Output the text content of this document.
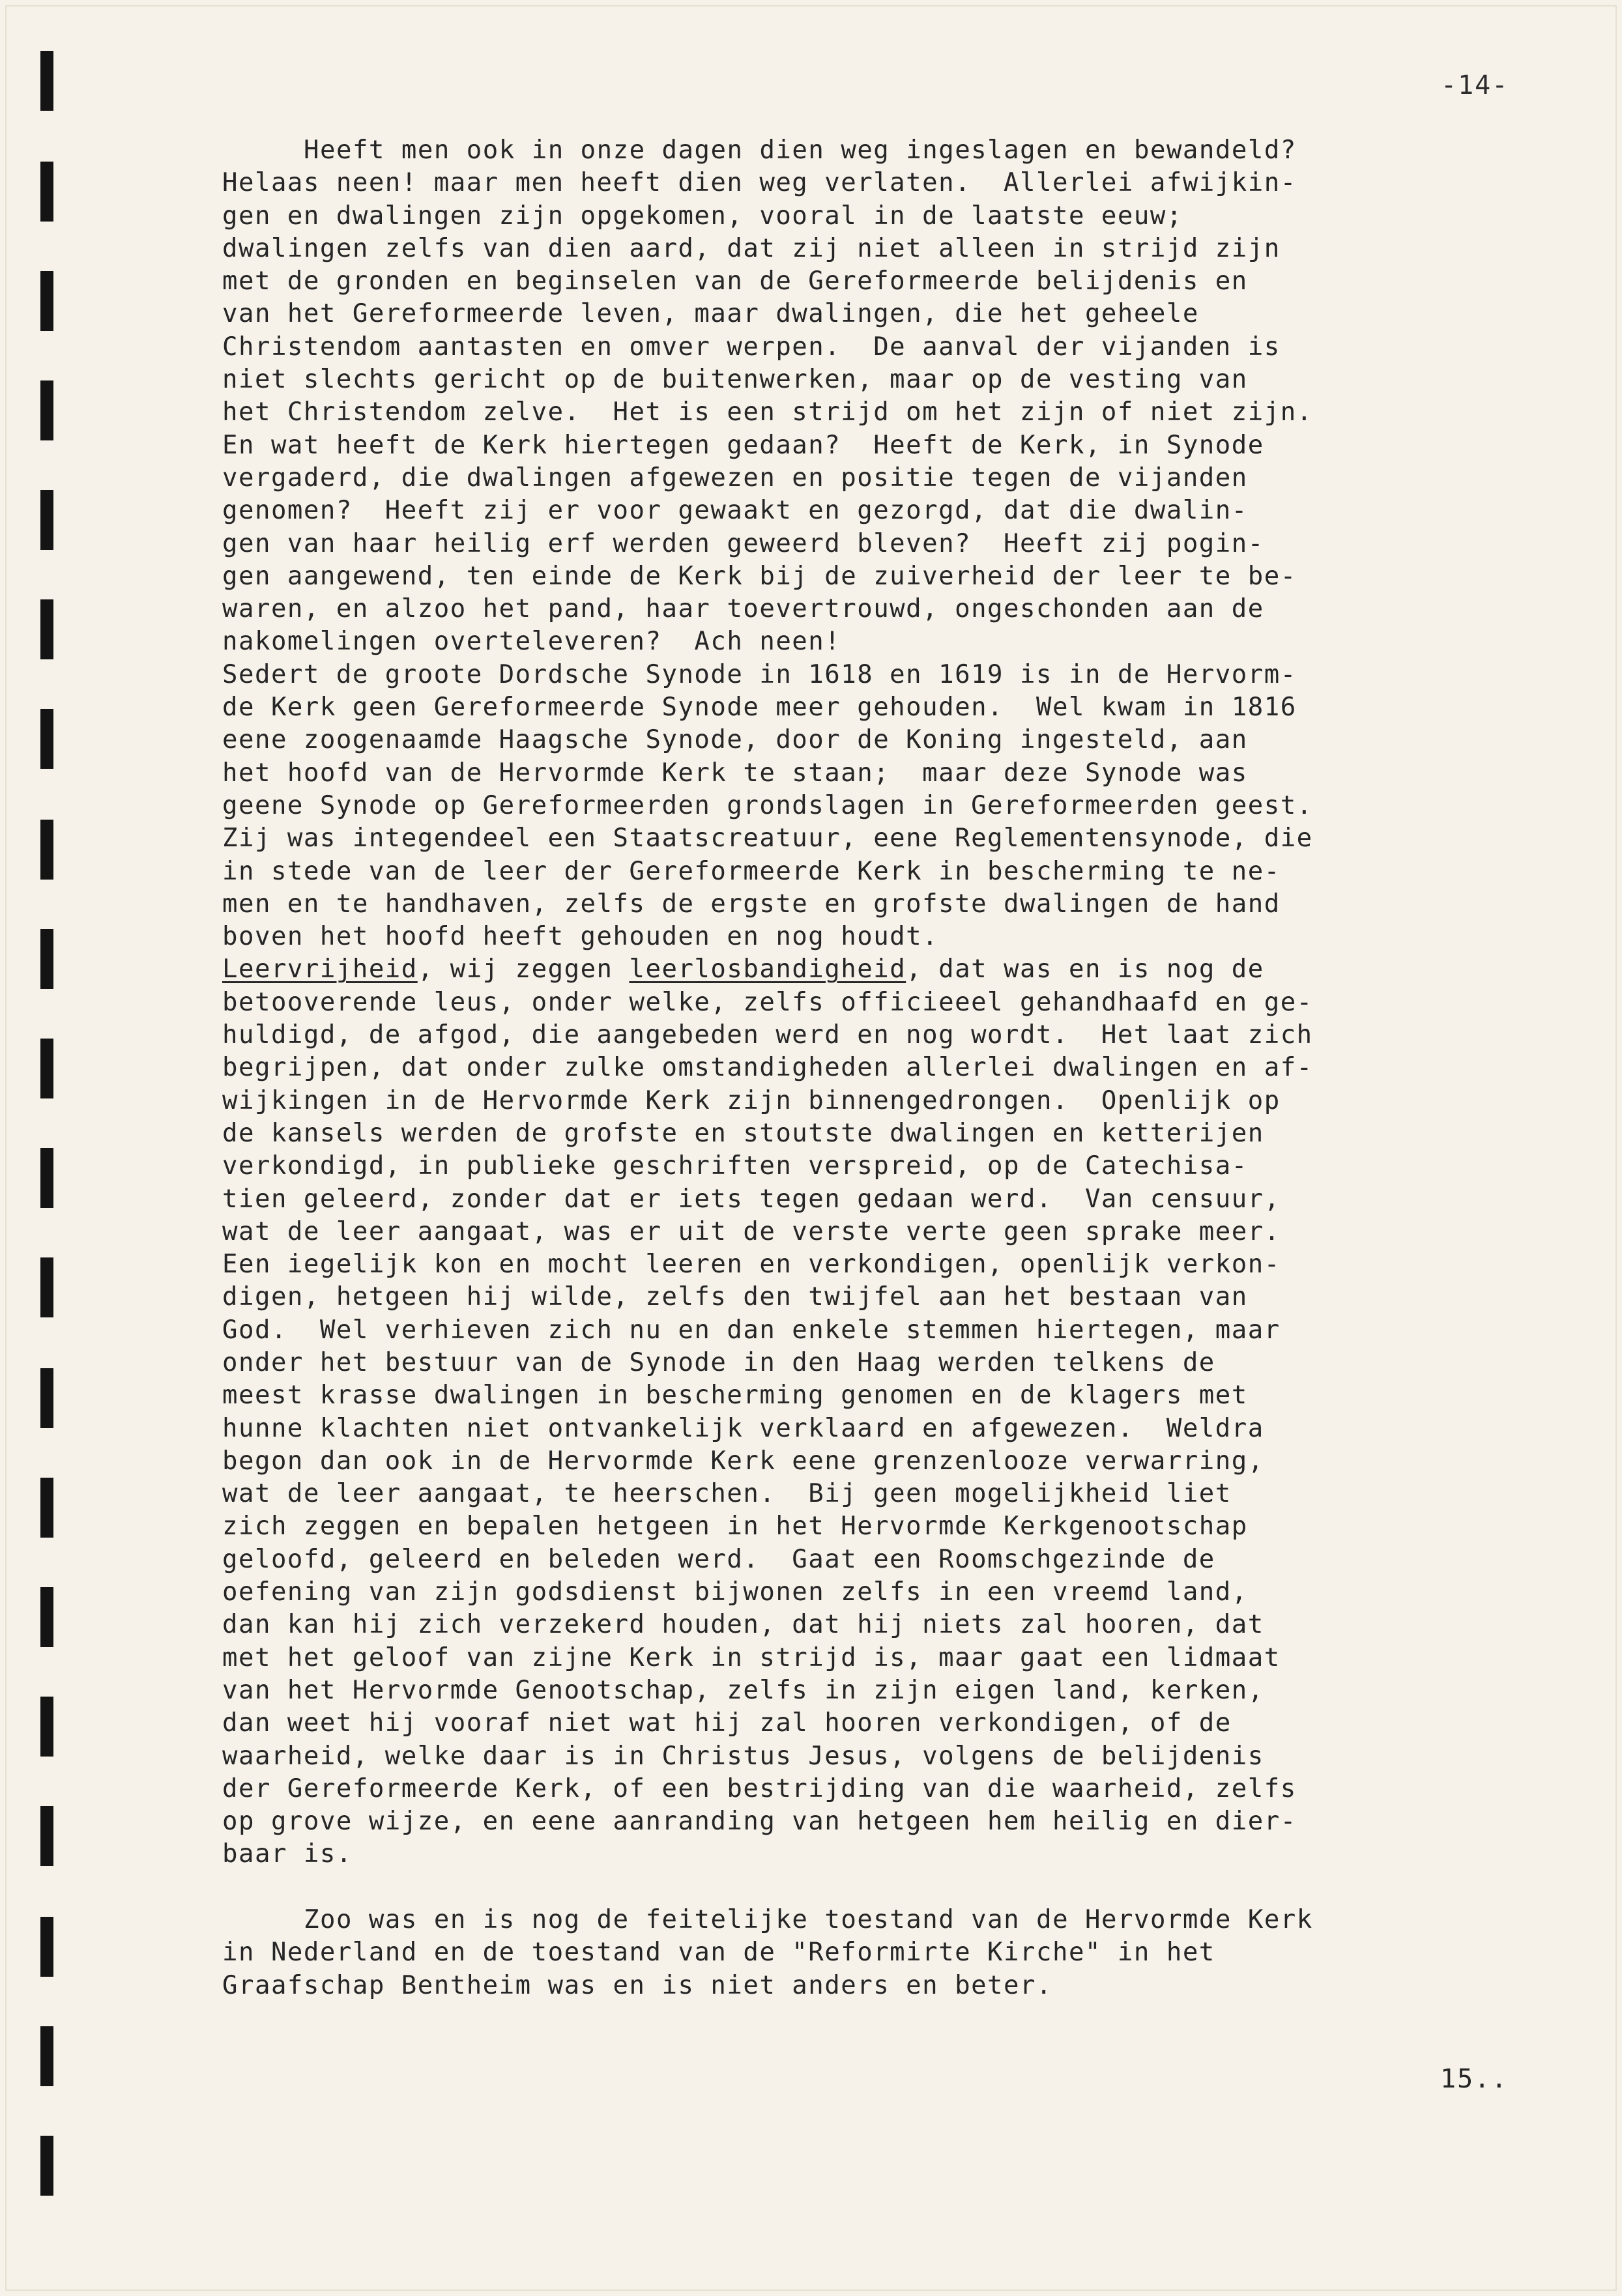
-14-
Heeft men ook in onze dagen dien weg ingeslagen en bewandeld?
Helaas neen! maar men heeft dien weg verlaten.  Allerlei afwijkin-
gen en dwalingen zijn opgekomen, vooral in de laatste eeuw;
dwalingen zelfs van dien aard, dat zij niet alleen in strijd zijn
met de gronden en beginselen van de Gereformeerde belijdenis en
van het Gereformeerde leven, maar dwalingen, die het geheele
Christendom aantasten en omver werpen.  De aanval der vijanden is
niet slechts gericht op de buitenwerken, maar op de vesting van
het Christendom zelve.  Het is een strijd om het zijn of niet zijn.
En wat heeft de Kerk hiertegen gedaan?  Heeft de Kerk, in Synode
vergaderd, die dwalingen afgewezen en positie tegen de vijanden
genomen?  Heeft zij er voor gewaakt en gezorgd, dat die dwalin-
gen van haar heilig erf werden geweerd bleven?  Heeft zij pogin-
gen aangewend, ten einde de Kerk bij de zuiverheid der leer te be-
waren, en alzoo het pand, haar toevertrouwd, ongeschonden aan de
nakomelingen overteleveren?  Ach neen!
Sedert de groote Dordsche Synode in 1618 en 1619 is in de Hervorm-
de Kerk geen Gereformeerde Synode meer gehouden.  Wel kwam in 1816
eene zoogenaamde Haagsche Synode, door de Koning ingesteld, aan
het hoofd van de Hervormde Kerk te staan;  maar deze Synode was
geene Synode op Gereformeerden grondslagen in Gereformeerden geest.
Zij was integendeel een Staatscreatuur, eene Reglementensynode, die
in stede van de leer der Gereformeerde Kerk in bescherming te ne-
men en te handhaven, zelfs de ergste en grofste dwalingen de hand
boven het hoofd heeft gehouden en nog houdt.
Leervrijheid, wij zeggen leerlosbandigheid, dat was en is nog de
betooverende leus, onder welke, zelfs officieeel gehandhaafd en ge-
huldigd, de afgod, die aangebeden werd en nog wordt.  Het laat zich
begrijpen, dat onder zulke omstandigheden allerlei dwalingen en af-
wijkingen in de Hervormde Kerk zijn binnengedrongen.  Openlijk op
de kansels werden de grofste en stoutste dwalingen en ketterijen
verkondigd, in publieke geschriften verspreid, op de Catechisa-
tien geleerd, zonder dat er iets tegen gedaan werd.  Van censuur,
wat de leer aangaat, was er uit de verste verte geen sprake meer.
Een iegelijk kon en mocht leeren en verkondigen, openlijk verkon-
digen, hetgeen hij wilde, zelfs den twijfel aan het bestaan van
God.  Wel verhieven zich nu en dan enkele stemmen hiertegen, maar
onder het bestuur van de Synode in den Haag werden telkens de
meest krasse dwalingen in bescherming genomen en de klagers met
hunne klachten niet ontvankelijk verklaard en afgewezen.  Weldra
begon dan ook in de Hervormde Kerk eene grenzenlooze verwarring,
wat de leer aangaat, te heerschen.  Bij geen mogelijkheid liet
zich zeggen en bepalen hetgeen in het Hervormde Kerkgenootschap
geloofd, geleerd en beleden werd.  Gaat een Roomschgezinde de
oefening van zijn godsdienst bijwonen zelfs in een vreemd land,
dan kan hij zich verzekerd houden, dat hij niets zal hooren, dat
met het geloof van zijne Kerk in strijd is, maar gaat een lidmaat
van het Hervormde Genootschap, zelfs in zijn eigen land, kerken,
dan weet hij vooraf niet wat hij zal hooren verkondigen, of de
waarheid, welke daar is in Christus Jesus, volgens de belijdenis
der Gereformeerde Kerk, of een bestrijding van die waarheid, zelfs
op grove wijze, en eene aanranding van hetgeen hem heilig en dier-
baar is.
Zoo was en is nog de feitelijke toestand van de Hervormde Kerk
in Nederland en de toestand van de "Reformirte Kirche" in het
Graafschap Bentheim was en is niet anders en beter.
15..
